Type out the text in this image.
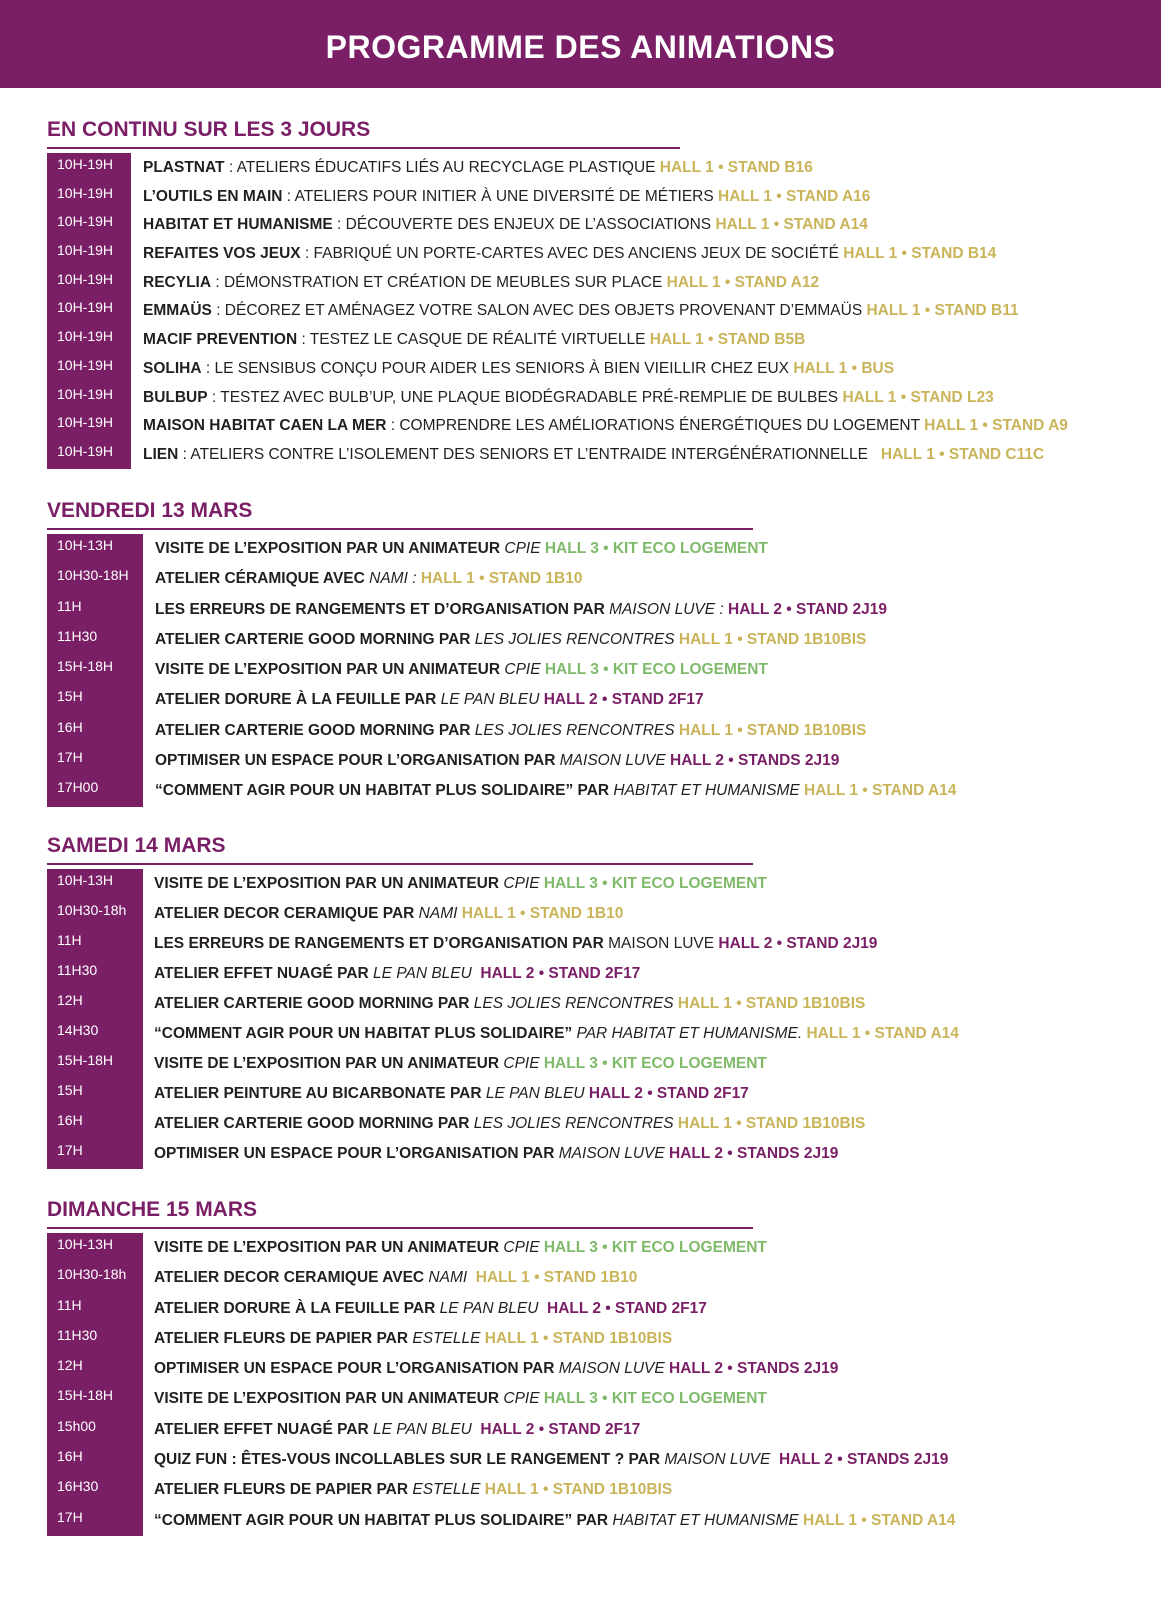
PROGRAMME DES ANIMATIONS
EN CONTINU SUR LES 3 JOURS
10H-19H PLASTNAT : ATELIERS ÉDUCATIFS LIÉS AU RECYCLAGE PLASTIQUE HALL 1 • STAND B16
10H-19H L’OUTILS EN MAIN : ATELIERS POUR INITIER À UNE DIVERSITÉ DE MÉTIERS HALL 1 • STAND A16
10H-19H HABITAT ET HUMANISME : DÉCOUVERTE DES ENJEUX DE L’ASSOCIATIONS HALL 1 • STAND A14
10H-19H REFAITES VOS JEUX : FABRIQUÉ UN PORTE-CARTES AVEC DES ANCIENS JEUX DE SOCIÉTÉ HALL 1 • STAND B14
10H-19H RECYLIA : DÉMONSTRATION ET CRÉATION DE MEUBLES SUR PLACE HALL 1 • STAND A12
10H-19H EMMAÜS : DÉCOREZ ET AMÉNAGEZ VOTRE SALON AVEC DES OBJETS PROVENANT D’EMMAÜS HALL 1 • STAND B11
10H-19H MACIF PREVENTION : TESTEZ LE CASQUE DE RÉALITÉ VIRTUELLE HALL 1 • STAND B5B
10H-19H SOLIHA : LE SENSIBUS CONÇU POUR AIDER LES SENIORS À BIEN VIEILLIR CHEZ EUX HALL 1 • BUS
10H-19H BULBUP : TESTEZ AVEC BULB’UP, UNE PLAQUE BIODÉGRADABLE PRÉ-REMPLIE DE BULBES HALL 1 • STAND L23
10H-19H MAISON HABITAT CAEN LA MER : COMPRENDRE LES AMÉLIORATIONS ÉNERGÉTIQUES DU LOGEMENT HALL 1 • STAND A9
10H-19H LIEN : ATELIERS CONTRE L’ISOLEMENT DES SENIORS ET L’ENTRAIDE INTERGÉNÉRATIONNELLE   HALL 1 • STAND C11C
VENDREDI 13 MARS
10H-13H	VISITE DE L’EXPOSITION PAR UN ANIMATEUR CPIE HALL 3 • KIT ECO LOGEMENT
10H30-18H ATELIER CÉRAMIQUE AVEC NAMI : HALL 1 • STAND 1B10
11H	LES ERREURS DE RANGEMENTS ET D’ORGANISATION PAR MAISON LUVE : HALL 2 • STAND 2J19
11H30	ATELIER CARTERIE GOOD MORNING PAR LES JOLIES RENCONTRES HALL 1 • STAND 1B10BIS
15H-18H	VISITE DE L’EXPOSITION PAR UN ANIMATEUR CPIE HALL 3 • KIT ECO LOGEMENT
15H	ATELIER DORURE À LA FEUILLE PAR LE PAN BLEU HALL 2 • STAND 2F17
16H	ATELIER CARTERIE GOOD MORNING PAR LES JOLIES RENCONTRES HALL 1 • STAND 1B10BIS
17H	OPTIMISER UN ESPACE POUR L’ORGANISATION PAR MAISON LUVE HALL 2 • STANDS 2J19
17H00	“COMMENT AGIR POUR UN HABITAT PLUS SOLIDAIRE” PAR HABITAT ET HUMANISME HALL 1 • STAND A14
SAMEDI 14 MARS
10H-13H	VISITE DE L’EXPOSITION PAR UN ANIMATEUR CPIE HALL 3 • KIT ECO LOGEMENT
10H30-18h ATELIER DECOR CERAMIQUE PAR NAMI HALL 1 • STAND 1B10
11H	LES ERREURS DE RANGEMENTS ET D’ORGANISATION PAR MAISON LUVE HALL 2 • STAND 2J19
11H30	ATELIER EFFET NUAGÉ PAR LE PAN BLEU  HALL 2 • STAND 2F17
12H	ATELIER CARTERIE GOOD MORNING PAR LES JOLIES RENCONTRES HALL 1 • STAND 1B10BIS
14H30	“COMMENT AGIR POUR UN HABITAT PLUS SOLIDAIRE” PAR HABITAT ET HUMANISME. HALL 1 • STAND A14
15H-18H	VISITE DE L’EXPOSITION PAR UN ANIMATEUR CPIE HALL 3 • KIT ECO LOGEMENT
15H	ATELIER PEINTURE AU BICARBONATE PAR LE PAN BLEU HALL 2 • STAND 2F17
16H	ATELIER CARTERIE GOOD MORNING PAR LES JOLIES RENCONTRES HALL 1 • STAND 1B10BIS
17H	OPTIMISER UN ESPACE POUR L’ORGANISATION PAR MAISON LUVE HALL 2 • STANDS 2J19
DIMANCHE 15 MARS
10H-13H	VISITE DE L’EXPOSITION PAR UN ANIMATEUR CPIE HALL 3 • KIT ECO LOGEMENT
10H30-18h ATELIER DECOR CERAMIQUE AVEC NAMI  HALL 1 • STAND 1B10
11H	ATELIER DORURE À LA FEUILLE PAR LE PAN BLEU  HALL 2 • STAND 2F17
11H30	ATELIER FLEURS DE PAPIER PAR ESTELLE HALL 1 • STAND 1B10BIS
12H	OPTIMISER UN ESPACE POUR L’ORGANISATION PAR MAISON LUVE HALL 2 • STANDS 2J19
15H-18H	VISITE DE L’EXPOSITION PAR UN ANIMATEUR CPIE HALL 3 • KIT ECO LOGEMENT
15h00	ATELIER EFFET NUAGÉ PAR LE PAN BLEU  HALL 2 • STAND 2F17
16H	QUIZ FUN : ÊTES-VOUS INCOLLABLES SUR LE RANGEMENT ? PAR MAISON LUVE  HALL 2 • STANDS 2J19
16H30	ATELIER FLEURS DE PAPIER PAR ESTELLE HALL 1 • STAND 1B10BIS
17H	“COMMENT AGIR POUR UN HABITAT PLUS SOLIDAIRE” PAR HABITAT ET HUMANISME HALL 1 • STAND A14
